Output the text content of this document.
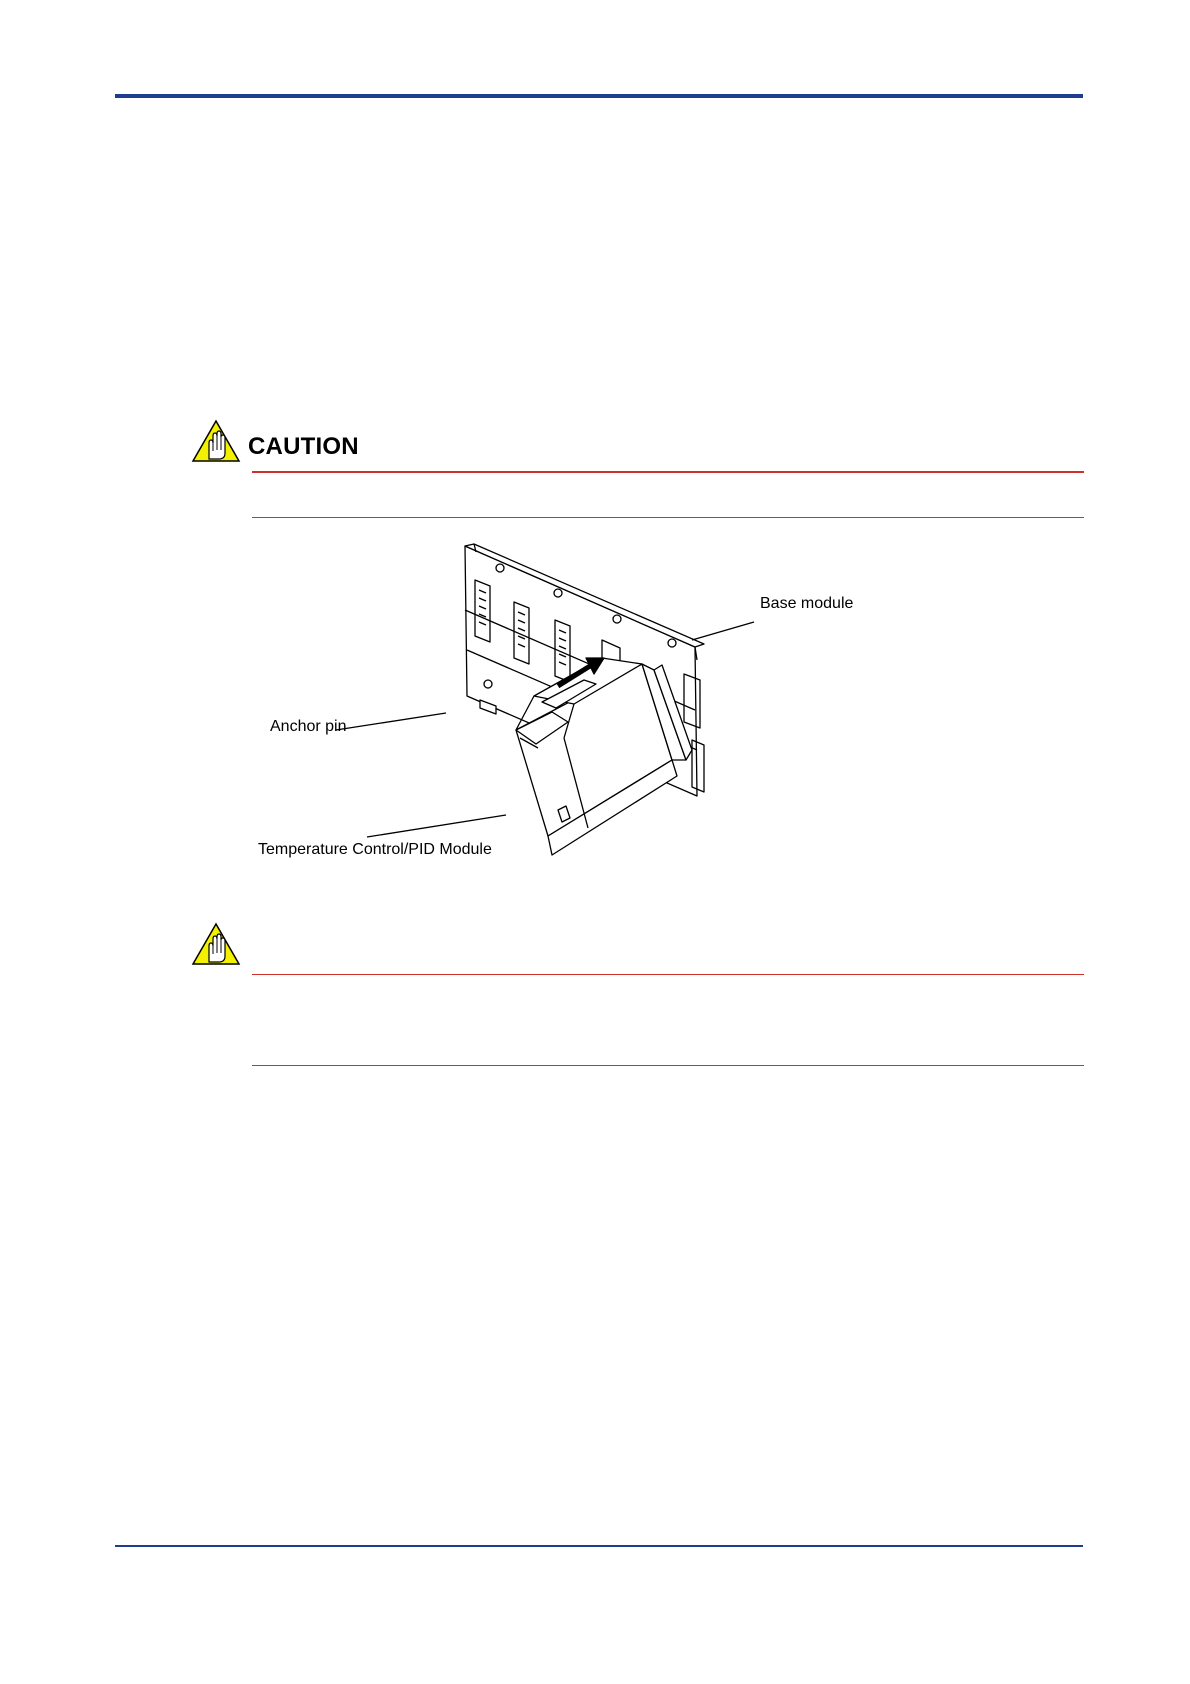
CAUTION
Base module
Anchor pin
Temperature Control/PID Module
